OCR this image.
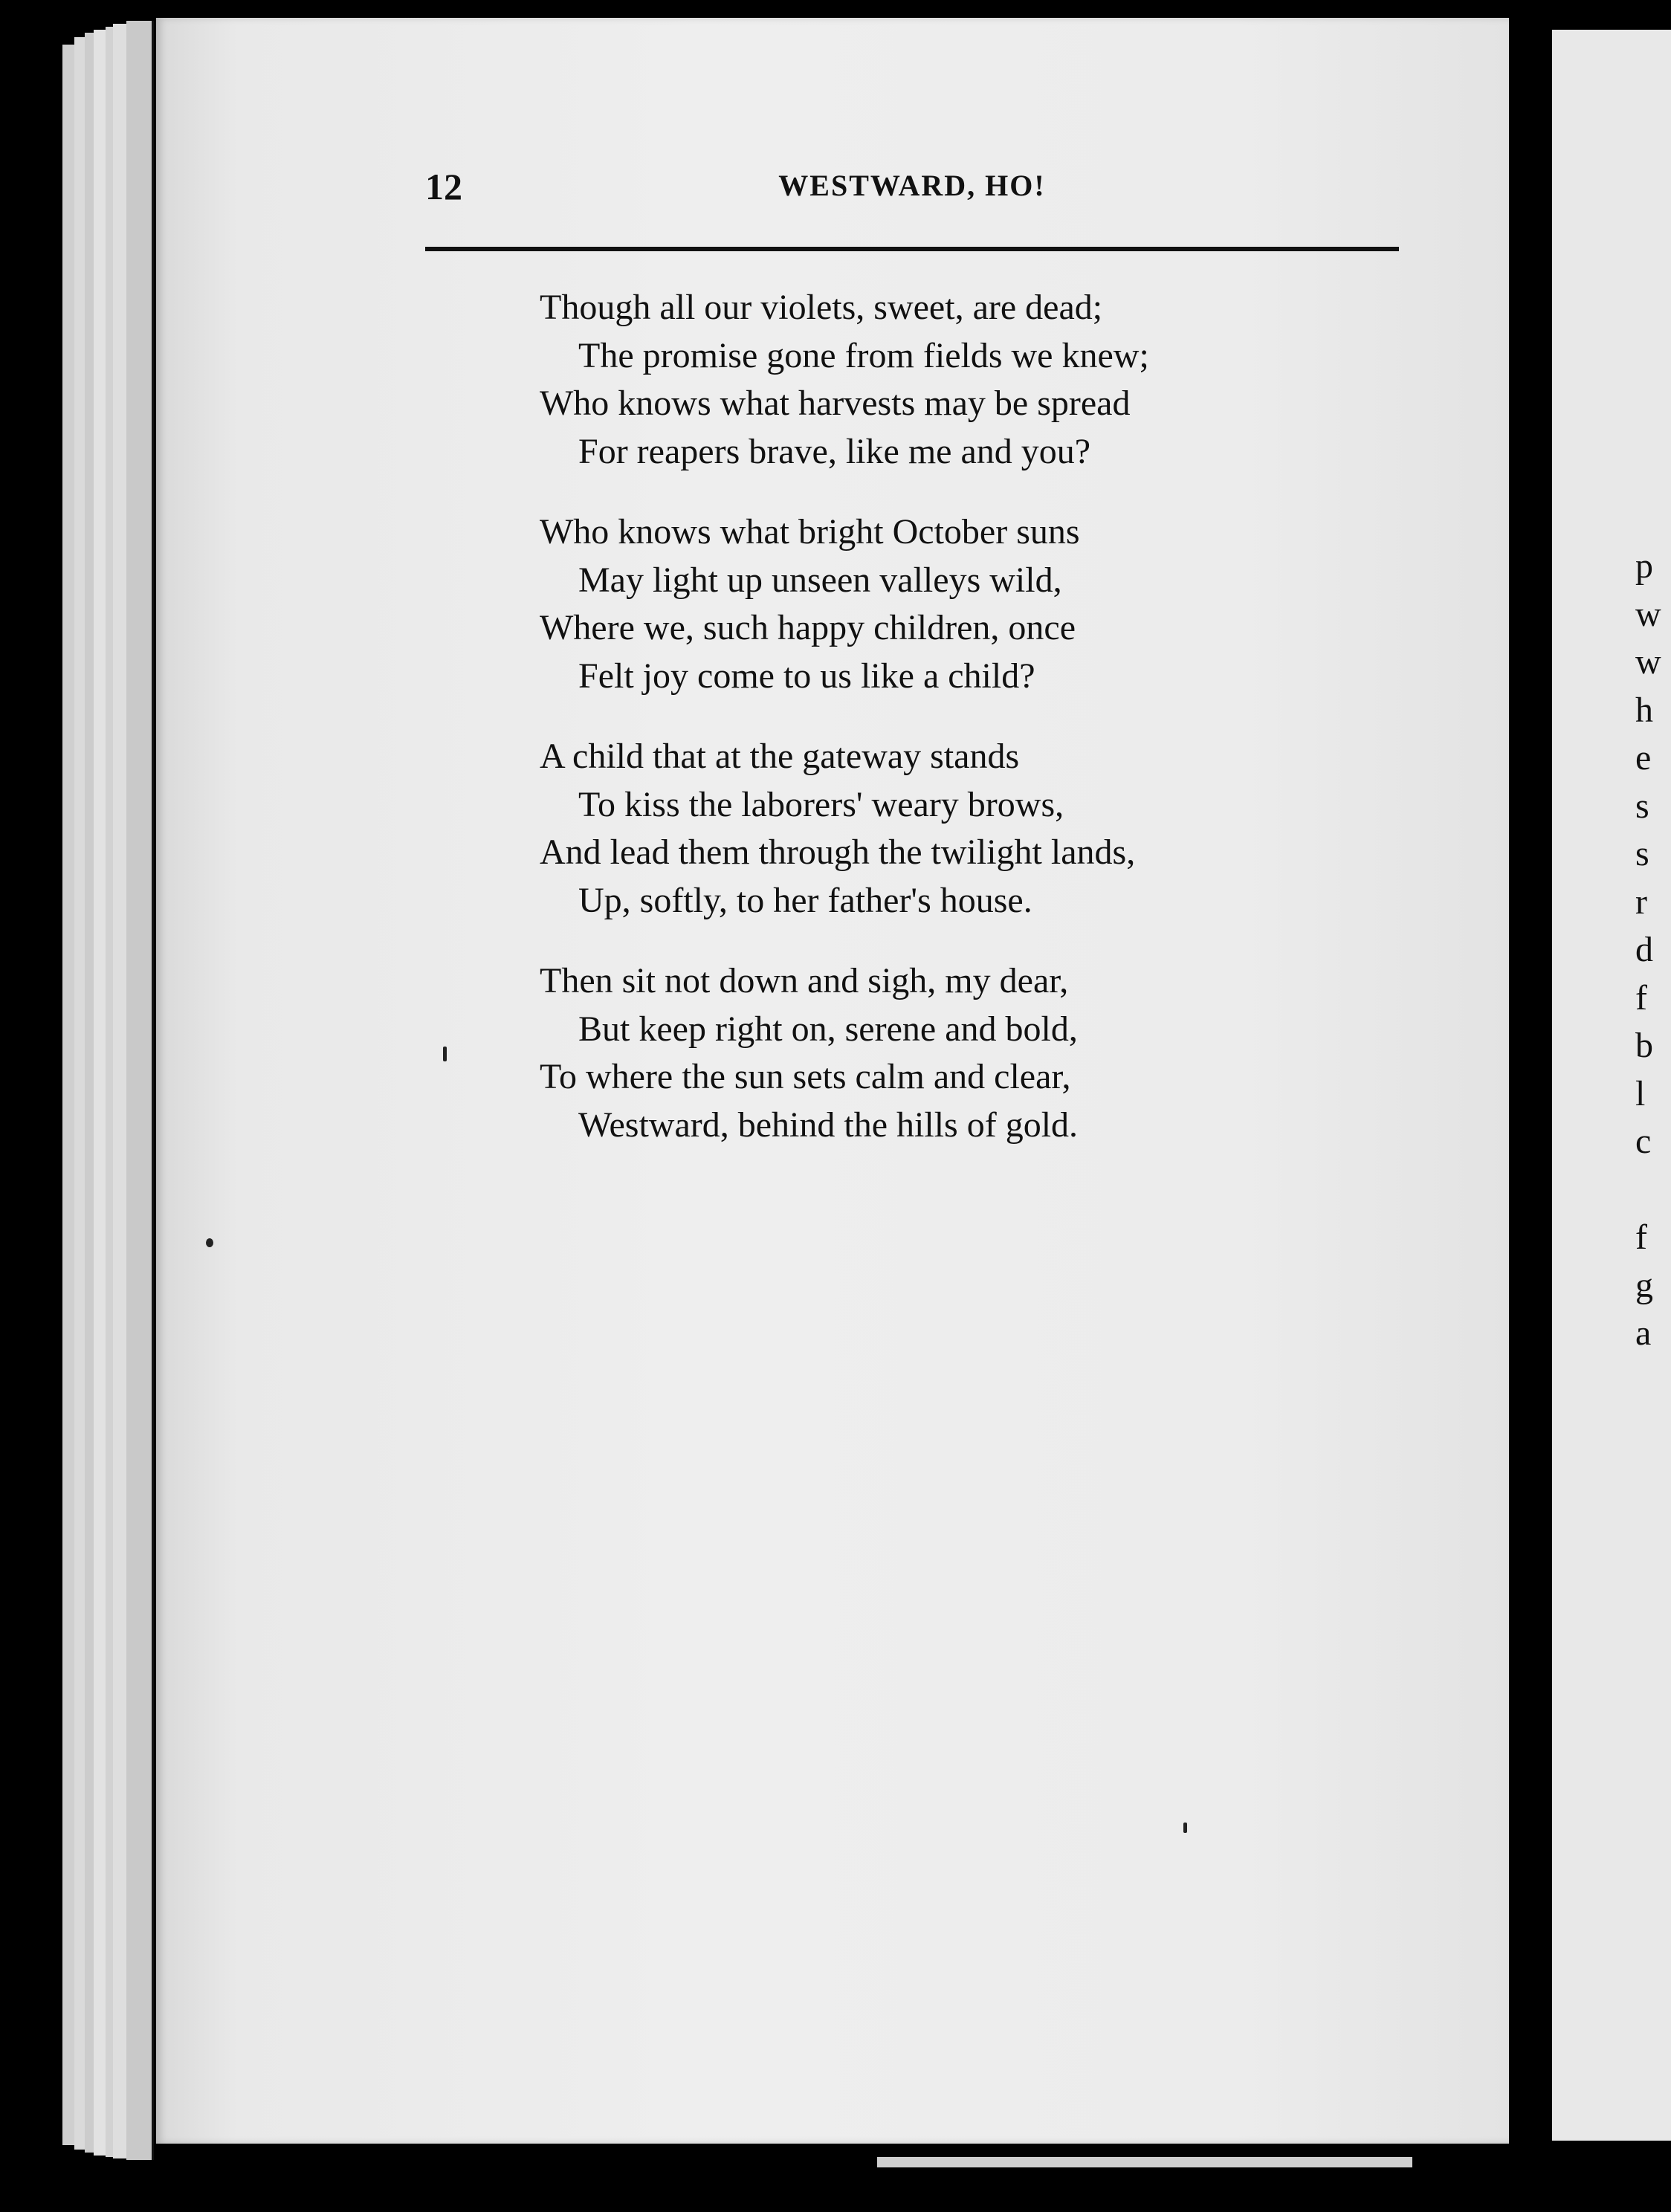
p
w
w
h
e
s
s
r
d
f
b
l
c

f
g
a
12	WESTWARD, HO!
Though all our violets, sweet, are dead;
The promise gone from fields we knew;
Who knows what harvests may be spread
For reapers brave, like me and you?
Who knows what bright October suns
May light up unseen valleys wild,
Where we, such happy children, once
Felt joy come to us like a child?
A child that at the gateway stands
To kiss the laborers' weary brows,
And lead them through the twilight lands,
Up, softly, to her father's house.
Then sit not down and sigh, my dear,
But keep right on, serene and bold,
To where the sun sets calm and clear,
Westward, behind the hills of gold.
